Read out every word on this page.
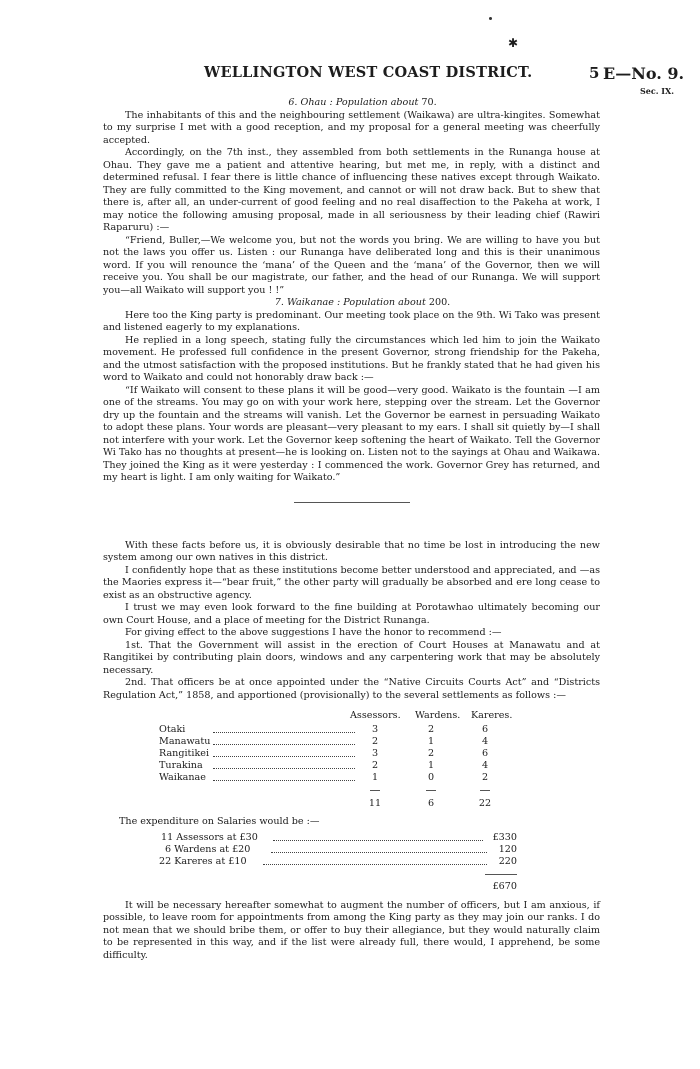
✱
WELLINGTON WEST COAST DISTRICT.	5 E—No. 9.
Sec. IX.

6. Ohau : Population about 70.

The inhabitants of this and the neighbouring settlement (Waikawa) are ultra-kingites. Somewhat to my surprise I met with a good reception, and my proposal for a general meeting was cheerfully accepted.

Accordingly, on the 7th inst., they assembled from both settlements in the Runanga house at Ohau. They gave me a patient and attentive hearing, but met me, in reply, with a distinct and determined refusal. I fear there is little chance of influencing these natives except through Waikato. They are fully committed to the King movement, and cannot or will not draw back. But to shew that there is, after all, an under-current of good feeling and no real disaffection to the Pakeha at work, I may notice the following amusing proposal, made in all seriousness by their leading chief (Rawiri Raparuru) :—

“Friend, Buller,—We welcome you, but not the words you bring. We are willing to have you but not the laws you offer us. Listen : our Runanga have deliberated long and this is their unanimous word. If you will renounce the ‘mana’ of the Queen and the ‘mana’ of the Governor, then we will receive you. You shall be our magistrate, our father, and the head of our Runanga. We will support you—all Waikato will support you ! !”

7. Waikanae : Population about 200.

Here too the King party is predominant. Our meeting took place on the 9th. Wi Tako was present and listened eagerly to my explanations.

He replied in a long speech, stating fully the circumstances which led him to join the Waikato movement. He professed full confidence in the present Governor, strong friendship for the Pakeha, and the utmost satisfaction with the proposed institutions. But he frankly stated that he had given his word to Waikato and could not honorably draw back :—

“If Waikato will consent to these plans it will be good—very good. Waikato is the fountain —I am one of the streams. You may go on with your work here, stepping over the stream. Let the Governor dry up the fountain and the streams will vanish. Let the Governor be earnest in persuading Waikato to adopt these plans. Your words are pleasant—very pleasant to my ears. I shall sit quietly by—I shall not interfere with your work. Let the Governor keep softening the heart of Waikato. Tell the Governor Wi Tako has no thoughts at present—he is looking on. Listen not to the sayings at Ohau and Waikawa. They joined the King as it were yesterday : I commenced the work. Governor Grey has returned, and my heart is light. I am only waiting for Waikato.”

With these facts before us, it is obviously desirable that no time be lost in introducing the new system among our own natives in this district.

I confidently hope that as these institutions become better understood and appreciated, and —as the Maories express it—“bear fruit,” the other party will gradually be absorbed and ere long cease to exist as an obstructive agency.

I trust we may even look forward to the fine building at Porotawhao ultimately becoming our own Court House, and a place of meeting for the District Runanga.

For giving effect to the above suggestions I have the honor to recommend :—

1st. That the Government will assist in the erection of Court Houses at Manawatu and at Rangitikei by contributing plain doors, windows and any carpentering work that may be absolutely necessary.

2nd. That officers be at once appointed under the “Native Circuits Courts Act” and “Districts Regulation Act,” 1858, and apportioned (provisionally) to the several settlements as follows :—

Assessors. Wardens. Kareres.
Otaki	3	2	6
Manawatu	2	1	4
Rangitikei	3	2	6
Turakina	2	1	4
Waikanae	1	0	2
11	6	22

The expenditure on Salaries would be :—

11 Assessors at £30	£330
6 Wardens at £20	120
22 Kareres at £10	220
£670

It will be necessary hereafter somewhat to augment the number of officers, but I am anxious, if possible, to leave room for appointments from among the King party as they may join our ranks. I do not mean that we should bribe them, or offer to buy their allegiance, but they would naturally claim to be represented in this way, and if the list were already full, there would, I apprehend, be some difficulty.
